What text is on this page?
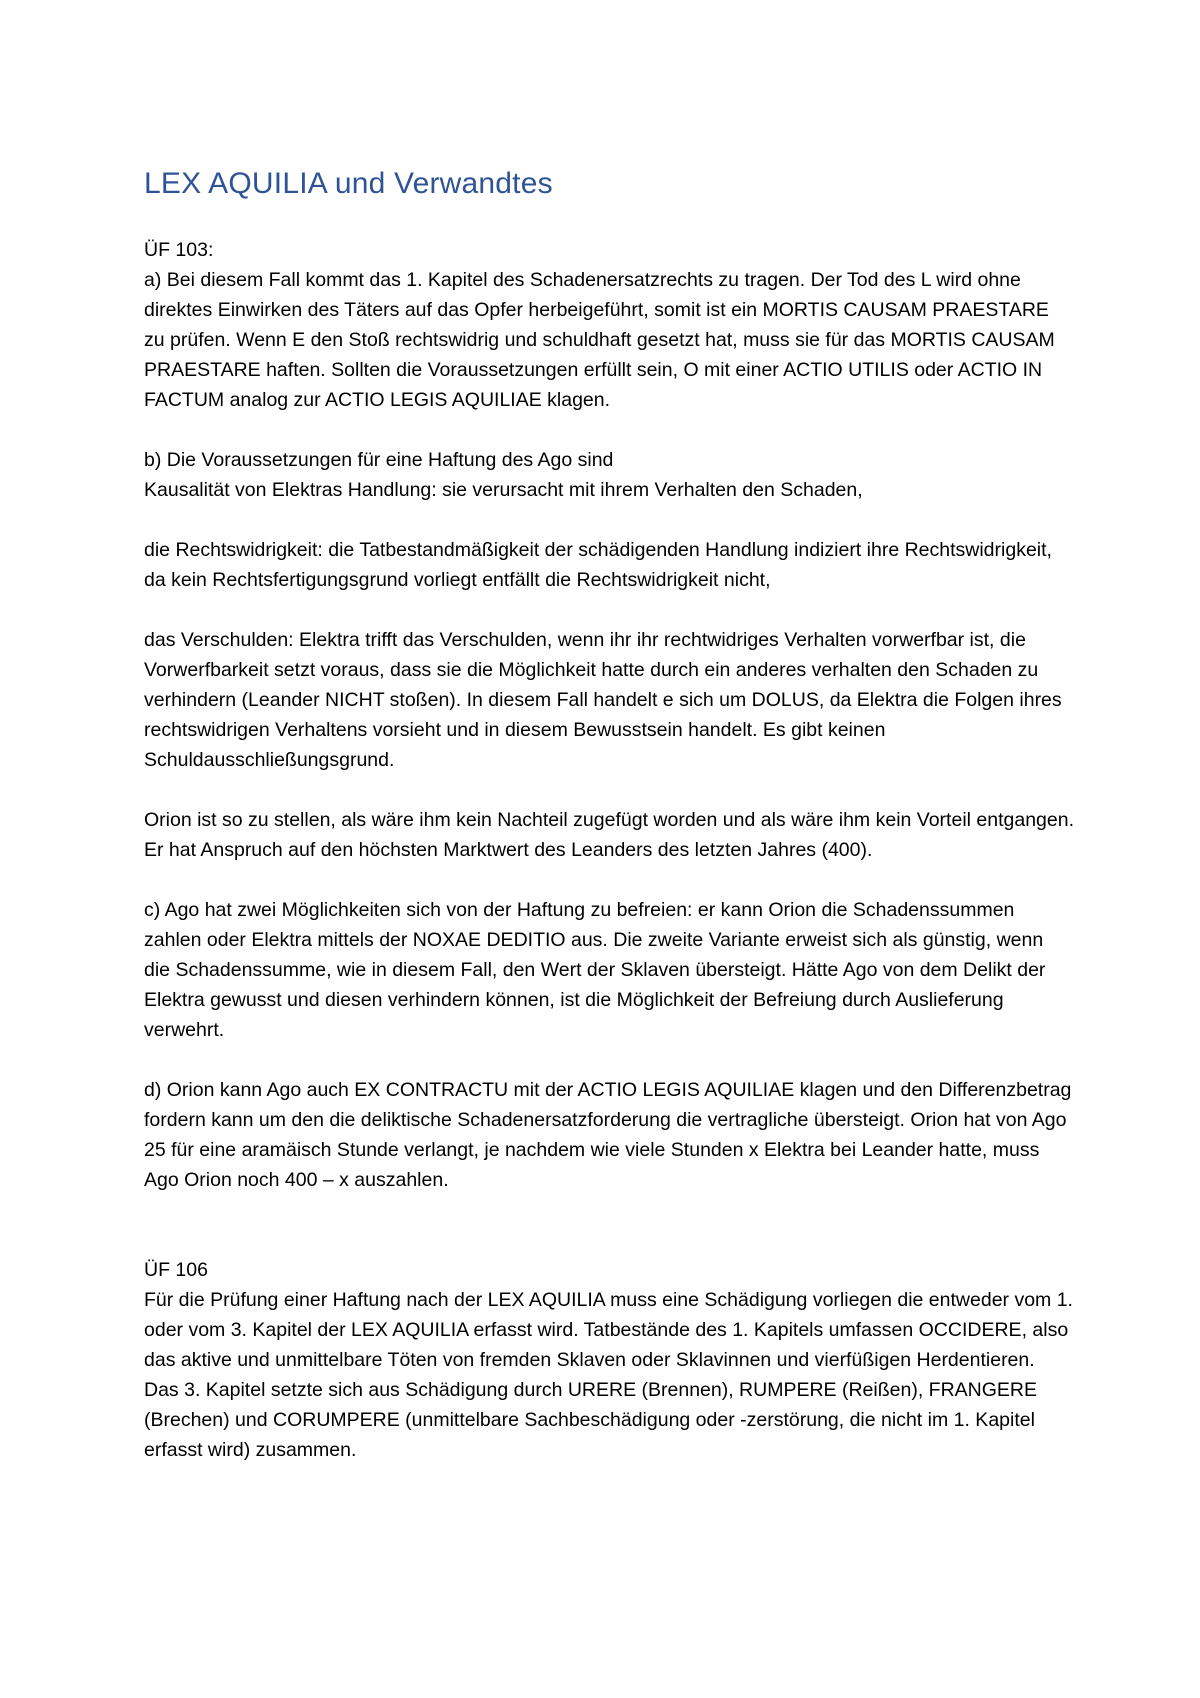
LEX AQUILIA und Verwandtes

ÜF 103:

a) Bei diesem Fall kommt das 1. Kapitel des Schadenersatzrechts zu tragen. Der Tod des L wird ohne direktes Einwirken des Täters auf das Opfer herbeigeführt, somit ist ein MORTIS CAUSAM PRAESTARE zu prüfen. Wenn E den Stoß rechtswidrig und schuldhaft gesetzt hat, muss sie für das MORTIS CAUSAM PRAESTARE haften. Sollten die Voraussetzungen erfüllt sein, O mit einer ACTIO UTILIS oder ACTIO IN FACTUM analog zur ACTIO LEGIS AQUILIAE klagen.

b) Die Voraussetzungen für eine Haftung des Ago sind

Kausalität von Elektras Handlung: sie verursacht mit ihrem Verhalten den Schaden,

die Rechtswidrigkeit: die Tatbestandmäßigkeit der schädigenden Handlung indiziert ihre Rechtswidrigkeit, da kein Rechtsfertigungsgrund vorliegt entfällt die Rechtswidrigkeit nicht,

das Verschulden: Elektra trifft das Verschulden, wenn ihr ihr rechtwidriges Verhalten vorwerfbar ist, die Vorwerfbarkeit setzt voraus, dass sie die Möglichkeit hatte durch ein anderes verhalten den Schaden zu verhindern (Leander NICHT stoßen). In diesem Fall handelt e sich um DOLUS, da Elektra die Folgen ihres rechtswidrigen Verhaltens vorsieht und in diesem Bewusstsein handelt. Es gibt keinen Schuldausschließungsgrund.

Orion ist so zu stellen, als wäre ihm kein Nachteil zugefügt worden und als wäre ihm kein Vorteil entgangen. Er hat Anspruch auf den höchsten Marktwert des Leanders des letzten Jahres (400).

c) Ago hat zwei Möglichkeiten sich von der Haftung zu befreien: er kann Orion die Schadenssummen zahlen oder Elektra mittels der NOXAE DEDITIO aus. Die zweite Variante erweist sich als günstig, wenn die Schadenssumme, wie in diesem Fall, den Wert der Sklaven übersteigt. Hätte Ago von dem Delikt der Elektra gewusst und diesen verhindern können, ist die Möglichkeit der Befreiung durch Auslieferung verwehrt.

d) Orion kann Ago auch EX CONTRACTU mit der ACTIO LEGIS AQUILIAE klagen und den Differenzbetrag fordern kann um den die deliktische Schadenersatzforderung die vertragliche übersteigt. Orion hat von Ago 25 für eine aramäisch Stunde verlangt, je nachdem wie viele Stunden x Elektra bei Leander hatte, muss Ago Orion noch 400 – x auszahlen.

ÜF 106

Für die Prüfung einer Haftung nach der LEX AQUILIA muss eine Schädigung vorliegen die entweder vom 1. oder vom 3. Kapitel der LEX AQUILIA erfasst wird. Tatbestände des 1. Kapitels umfassen OCCIDERE, also das aktive und unmittelbare Töten von fremden Sklaven oder Sklavinnen und vierfüßigen Herdentieren. Das 3. Kapitel setzte sich aus Schädigung durch URERE (Brennen), RUMPERE (Reißen), FRANGERE (Brechen) und CORUMPERE (unmittelbare Sachbeschädigung oder -zerstörung, die nicht im 1. Kapitel erfasst wird) zusammen.
